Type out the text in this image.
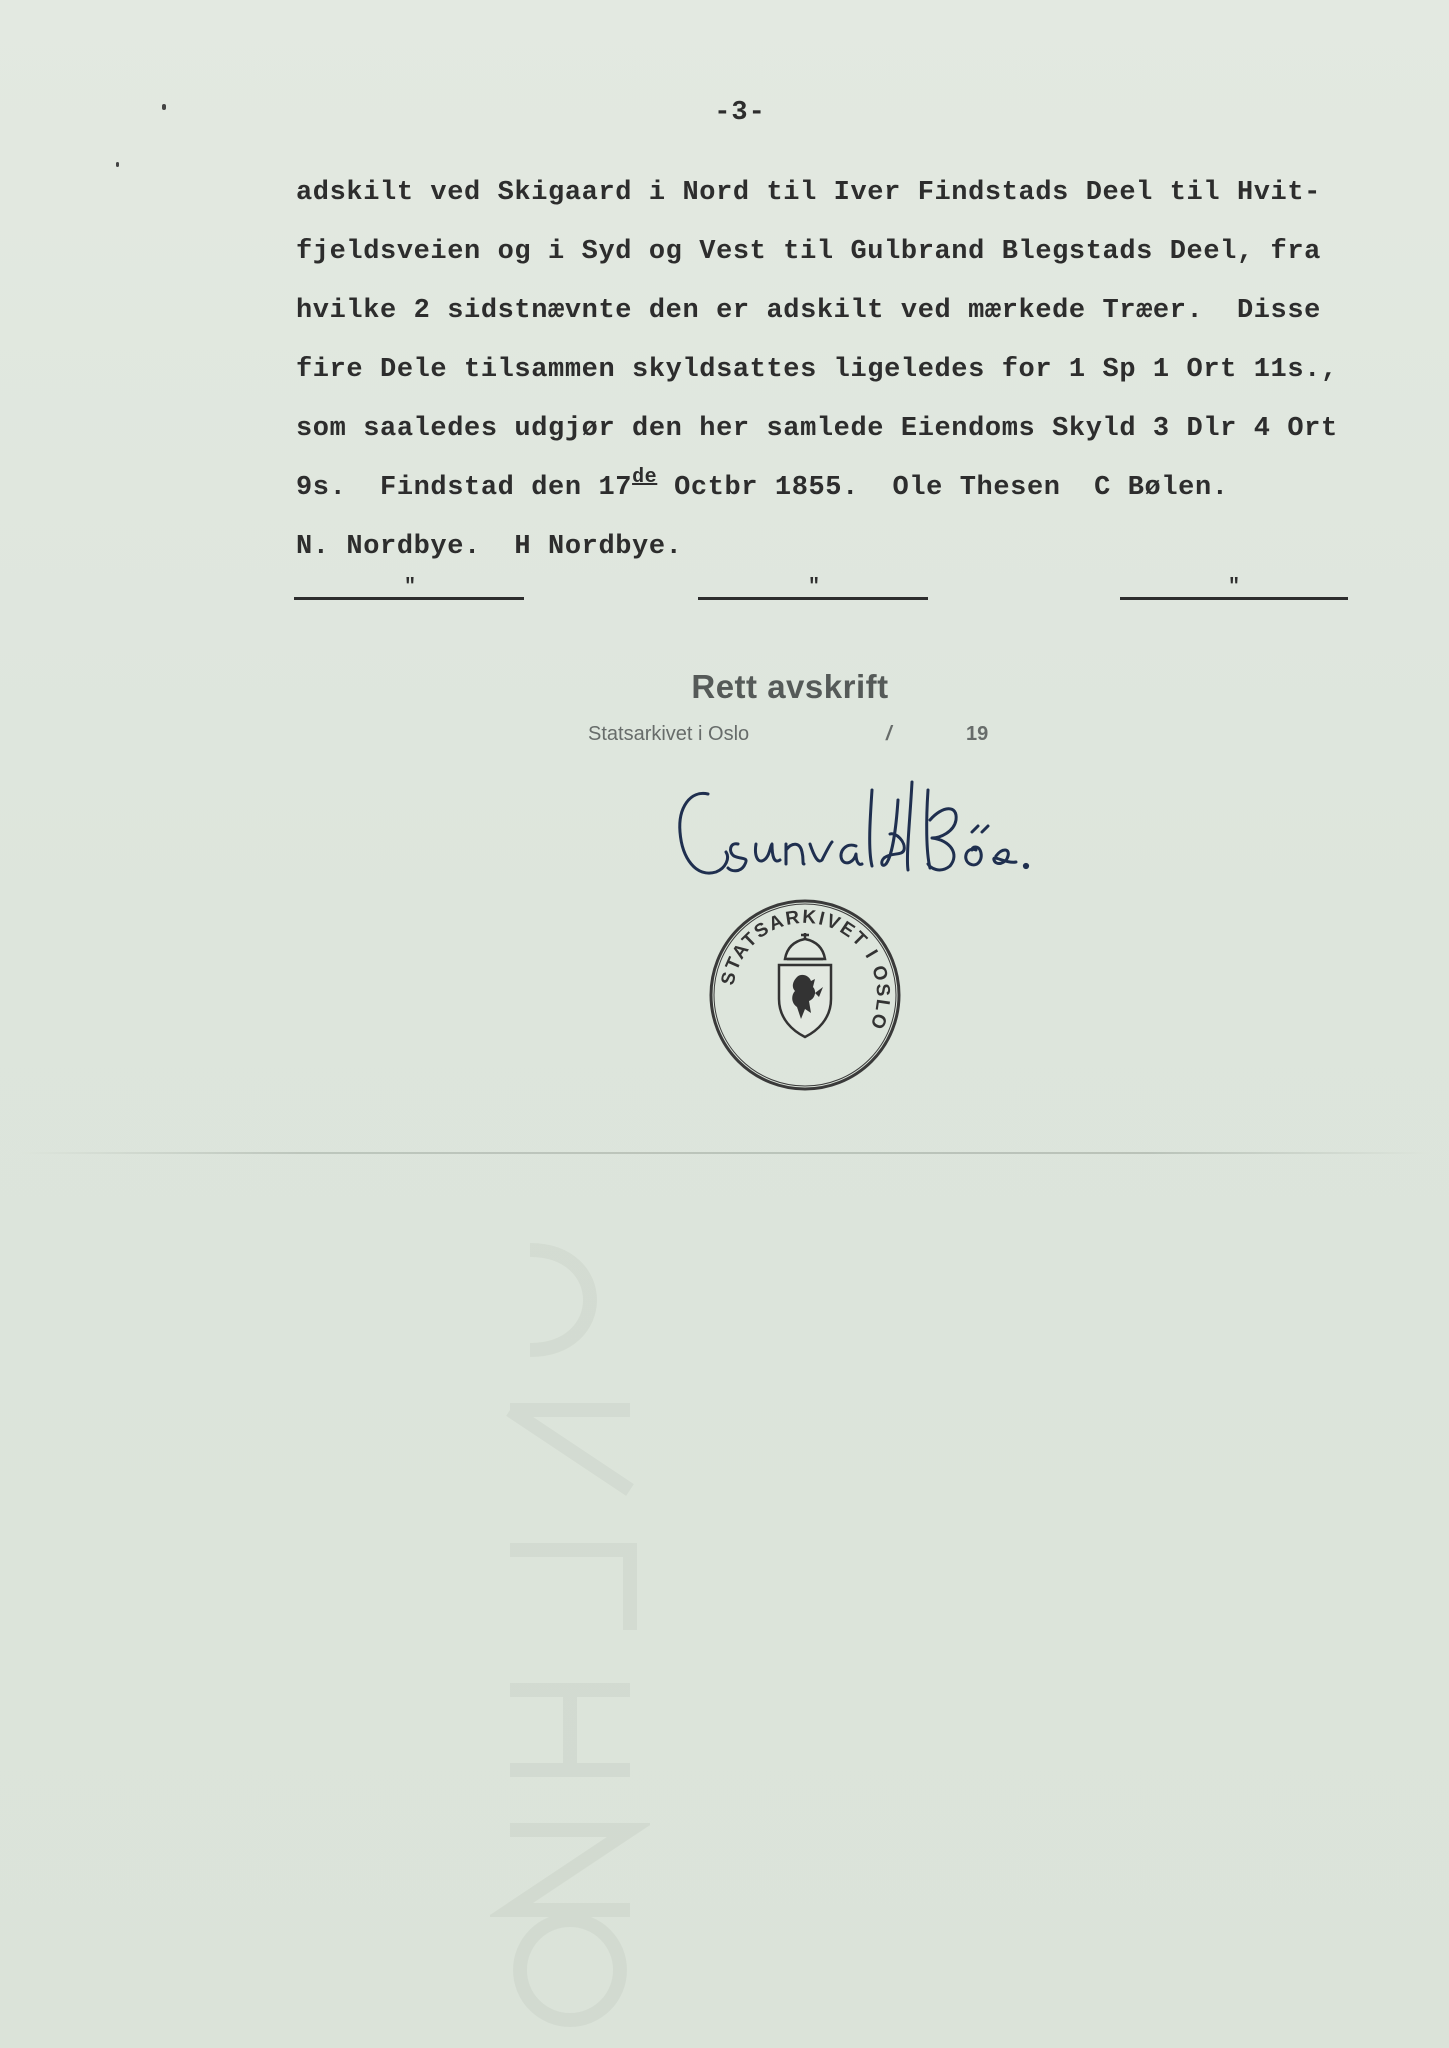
-3-
adskilt ved Skigaard i Nord til Iver Findstads Deel til Hvit-
fjeldsveien og i Syd og Vest til Gulbrand Blegstads Deel, fra
hvilke 2 sidstnævnte den er adskilt ved mærkede Træer.  Disse
fire Dele tilsammen skyldsattes ligeledes for 1 Sp 1 Ort 11s.,
som saaledes udgjør den her samlede Eiendoms Skyld 3 Dlr 4 Ort
9s.  Findstad den 17de Octbr 1855.  Ole Thesen  C Bølen.
N. Nordbye.  H Nordbye.
"	"	"
Rett avskrift
Statsarkivet i Oslo	/	19
STATSARKIVET I OSLO
